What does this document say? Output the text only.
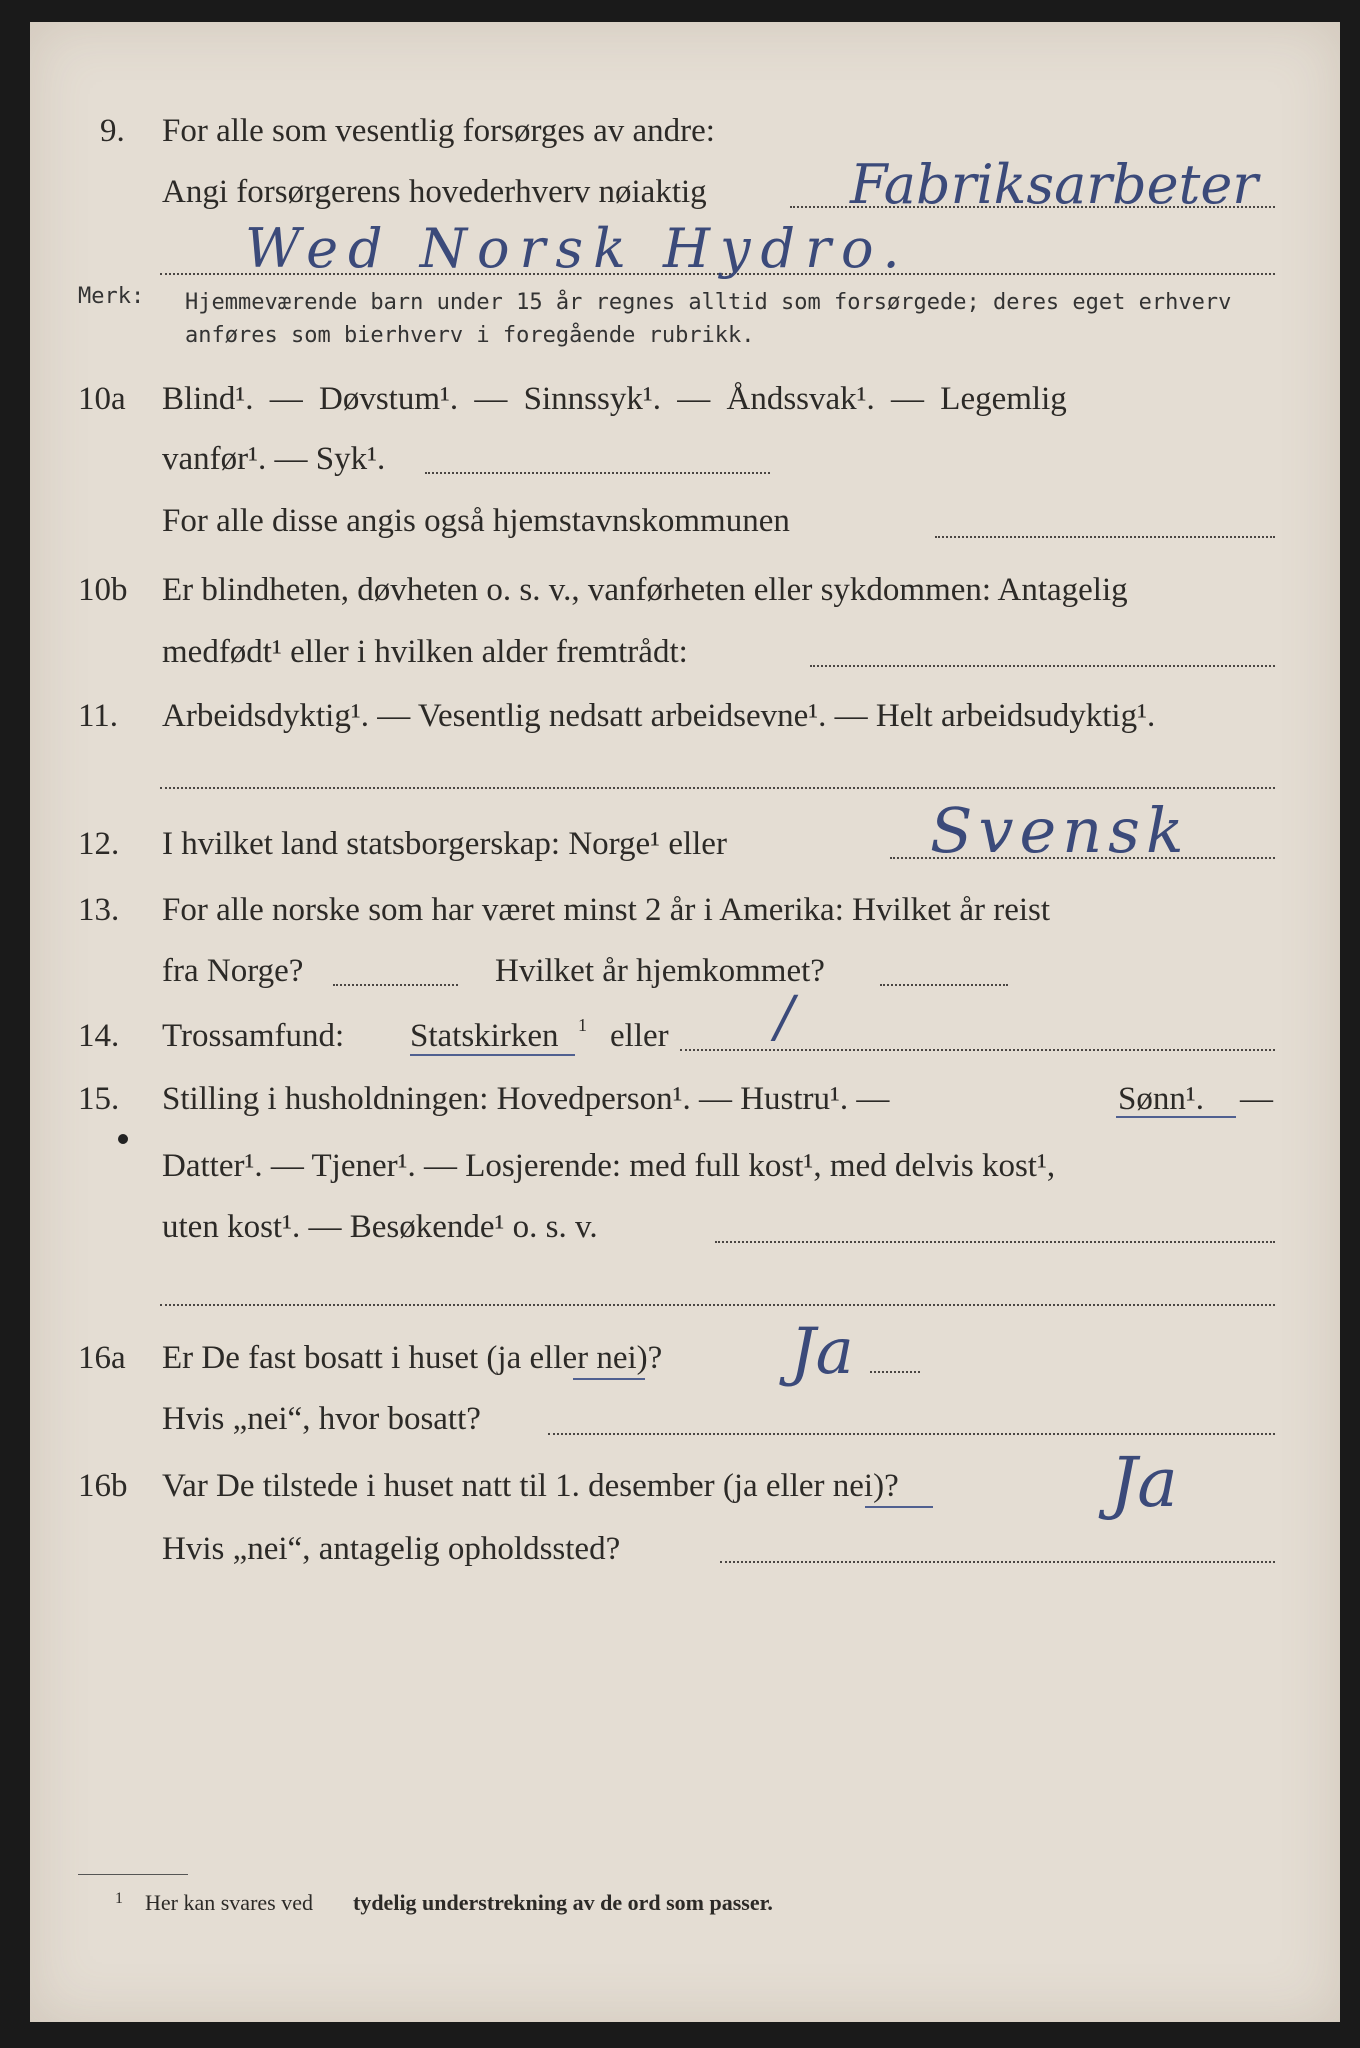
9. For alle som vesentlig forsørges av andre:
Angi forsørgerens hovederhverv nøiaktig	Fabriksarbeter
Wed Norsk Hydro.
Merk: Hjemmeværende barn under 15 år regnes alltid som forsørgede; deres eget erhverv
anføres som bierhverv i foregående rubrikk.
10a Blind¹. — Døvstum¹. — Sinnssyk¹. — Åndssvak¹. — Legemlig
vanfør¹. — Syk¹.
For alle disse angis også hjemstavnskommunen
10b Er blindheten, døvheten o. s. v., vanførheten eller sykdommen: Antagelig
medfødt¹ eller i hvilken alder fremtrådt:
11. Arbeidsdyktig¹. — Vesentlig nedsatt arbeidsevne¹. — Helt arbeidsudyktig¹.
12. I hvilket land statsborgerskap: Norge¹ eller	Svensk
13. For alle norske som har været minst 2 år i Amerika: Hvilket år reist
fra Norge?	Hvilket år hjemkommet?
14. Trossamfund: Statskirken 1 eller /
15. Stilling i husholdningen: Hovedperson¹. — Hustru¹. —	Sønn¹. —
Datter¹. — Tjener¹. — Losjerende: med full kost¹, med delvis kost¹,
uten kost¹. — Besøkende¹ o. s. v.
16a Er De fast bosatt i huset (ja eller nei)? Ja
Hvis „nei“, hvor bosatt?
16b Var De tilstede i huset natt til 1. desember (ja eller nei)?	Ja
Hvis „nei“, antagelig opholdssted?
1 Her kan svares ved tydelig understrekning av de ord som passer.
